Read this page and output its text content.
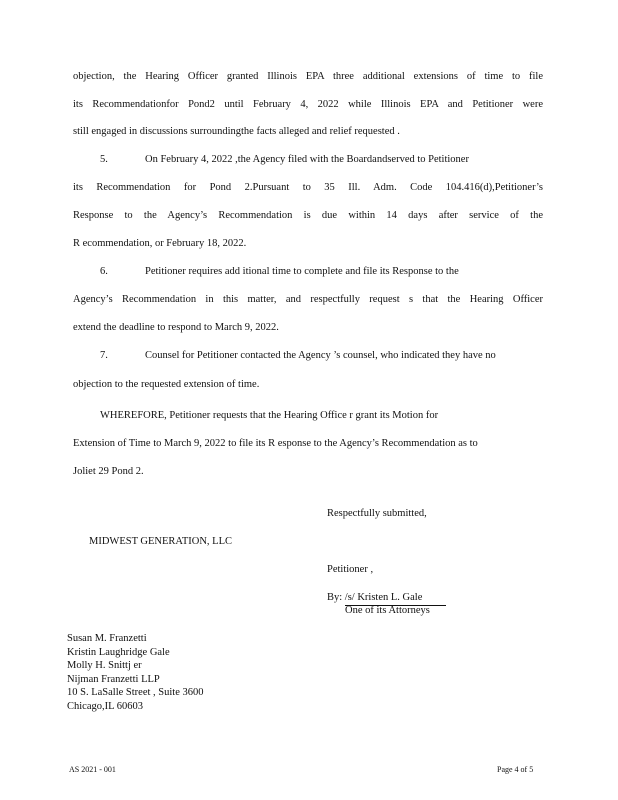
objection, the Hearing Officer granted Illinois EPA three additional extensions of time to file
its Recommendationfor Pond2 until February 4, 2022 while Illinois EPA and Petitioner were
still engaged in discussions surroundingthe facts alleged and relief requested .
5.	On February 4, 2022 ,the Agency filed with the Boardandserved to Petitioner
its Recommendation for Pond 2.Pursuant to 35 Ill. Adm. Code 104.416(d),Petitioner’s
Response to the Agency’s Recommendation is due within 14 days after service of the
R ecommendation, or February 18, 2022.
6.	Petitioner requires add itional time to complete and file its Response to the
Agency’s Recommendation in this matter, and respectfully request s that the Hearing Officer
extend the deadline to respond to March 9, 2022.
7.	Counsel for Petitioner contacted the Agency ’s counsel, who indicated they have no
objection to the requested extension of time.
WHEREFORE, Petitioner requests that the Hearing Office r grant its Motion for
Extension of Time to March 9, 2022 to file its R esponse to the Agency’s Recommendation as to
Joliet 29 Pond 2.
Respectfully submitted,
MIDWEST GENERATION, LLC
Petitioner ,
By: /s/ Kristen L. Gale
One of its Attorneys
Susan M. Franzetti
Kristin Laughridge Gale
Molly H. Snittj er
Nijman Franzetti LLP
10 S. LaSalle Street , Suite 3600
Chicago,IL 60603
AS 2021 - 001	Page 4 of 5
